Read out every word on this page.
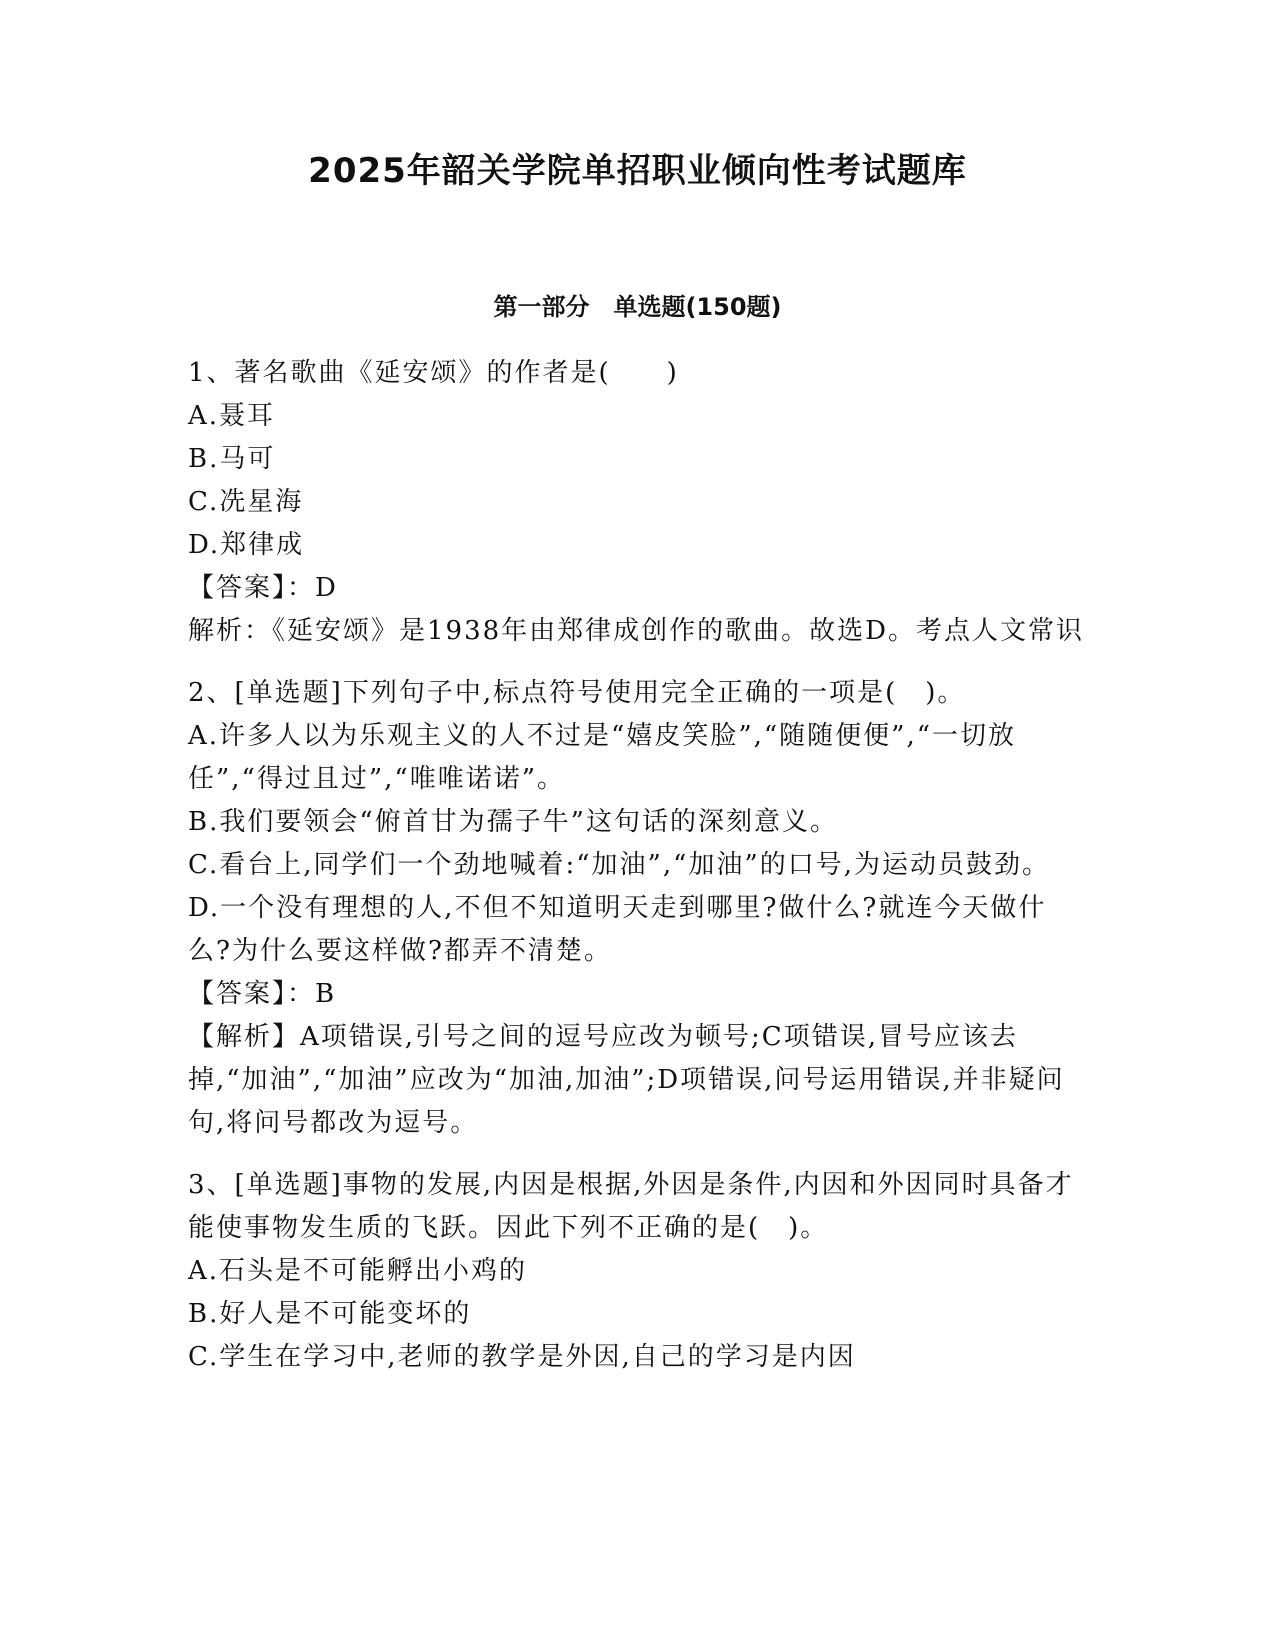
2025年韶关学院单招职业倾向性考试题库
第一部分　单选题(150题)
1、著名歌曲《延安颂》的作者是(　　)
A.聂耳
B.马可
C.冼星海
D.郑律成
【答案】：D
解析：《延安颂》是1938年由郑律成创作的歌曲。故选D。考点人文常识
2、[单选题]下列句子中,标点符号使用完全正确的一项是(　)。
A.许多人以为乐观主义的人不过是“嬉皮笑脸”,“随随便便”,“一切放任”,“得过且过”,“唯唯诺诺”。
B.我们要领会“俯首甘为孺子牛”这句话的深刻意义。
C.看台上,同学们一个劲地喊着:“加油”,“加油”的口号,为运动员鼓劲。
D.一个没有理想的人,不但不知道明天走到哪里?做什么?就连今天做什么?为什么要这样做?都弄不清楚。
【答案】：B
【解析】A项错误,引号之间的逗号应改为顿号;C项错误,冒号应该去掉,“加油”,“加油”应改为“加油,加油”;D项错误,问号运用错误,并非疑问句,将问号都改为逗号。
3、[单选题]事物的发展,内因是根据,外因是条件,内因和外因同时具备才能使事物发生质的飞跃。因此下列不正确的是(　)。
A.石头是不可能孵出小鸡的
B.好人是不可能变坏的
C.学生在学习中,老师的教学是外因,自己的学习是内因
